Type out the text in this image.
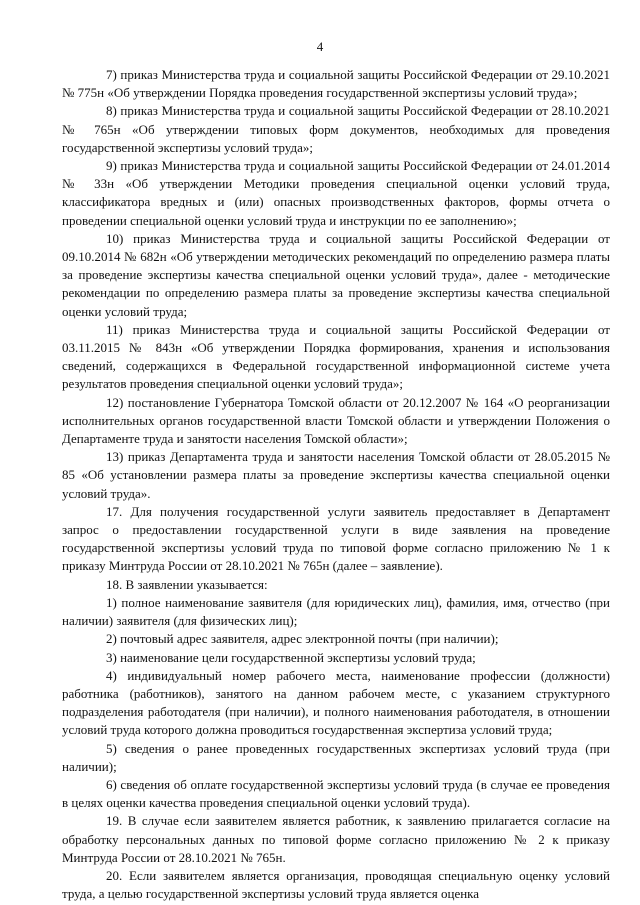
4

7) приказ Министерства труда и социальной защиты Российской Федерации от 29.10.2021 № 775н «Об утверждении Порядка проведения государственной экспертизы условий труда»;

8) приказ Министерства труда и социальной защиты Российской Федерации от 28.10.2021 № 765н «Об утверждении типовых форм документов, необходимых для проведения государственной экспертизы условий труда»;

9) приказ Министерства труда и социальной защиты Российской Федерации от 24.01.2014 № 33н «Об утверждении Методики проведения специальной оценки условий труда, классификатора вредных и (или) опасных производственных факторов, формы отчета о проведении специальной оценки условий труда и инструкции по ее заполнению»;

10) приказ Министерства труда и социальной защиты Российской Федерации от 09.10.2014 № 682н «Об утверждении методических рекомендаций по определению размера платы за проведение экспертизы качества специальной оценки условий труда», далее - методические рекомендации по определению размера платы за проведение экспертизы качества специальной оценки условий труда;

11) приказ Министерства труда и социальной защиты Российской Федерации от 03.11.2015 № 843н «Об утверждении Порядка формирования, хранения и использования сведений, содержащихся в Федеральной государственной информационной системе учета результатов проведения специальной оценки условий труда»;

12) постановление Губернатора Томской области от 20.12.2007 № 164 «О реорганизации исполнительных органов государственной власти Томской области и утверждении Положения о Департаменте труда и занятости населения Томской области»;

13) приказ Департамента труда и занятости населения Томской области от 28.05.2015 № 85 «Об установлении размера платы за проведение экспертизы качества специальной оценки условий труда».

17. Для получения государственной услуги заявитель предоставляет в Департамент запрос о предоставлении государственной услуги в виде заявления на проведение государственной экспертизы условий труда по типовой форме согласно приложению № 1 к приказу Минтруда России от 28.10.2021 № 765н (далее – заявление).

18. В заявлении указывается:

1) полное наименование заявителя (для юридических лиц), фамилия, имя, отчество (при наличии) заявителя (для физических лиц);

2) почтовый адрес заявителя, адрес электронной почты (при наличии);

3) наименование цели государственной экспертизы условий труда;

4) индивидуальный номер рабочего места, наименование профессии (должности) работника (работников), занятого на данном рабочем месте, с указанием структурного подразделения работодателя (при наличии), и полного наименования работодателя, в отношении условий труда которого должна проводиться государственная экспертиза условий труда;

5) сведения о ранее проведенных государственных экспертизах условий труда (при наличии);

6) сведения об оплате государственной экспертизы условий труда (в случае ее проведения в целях оценки качества проведения специальной оценки условий труда).

19. В случае если заявителем является работник, к заявлению прилагается согласие на обработку персональных данных по типовой форме согласно приложению № 2 к приказу Минтруда России от 28.10.2021 № 765н.

20. Если заявителем является организация, проводящая специальную оценку условий труда, а целью государственной экспертизы условий труда является оценка
